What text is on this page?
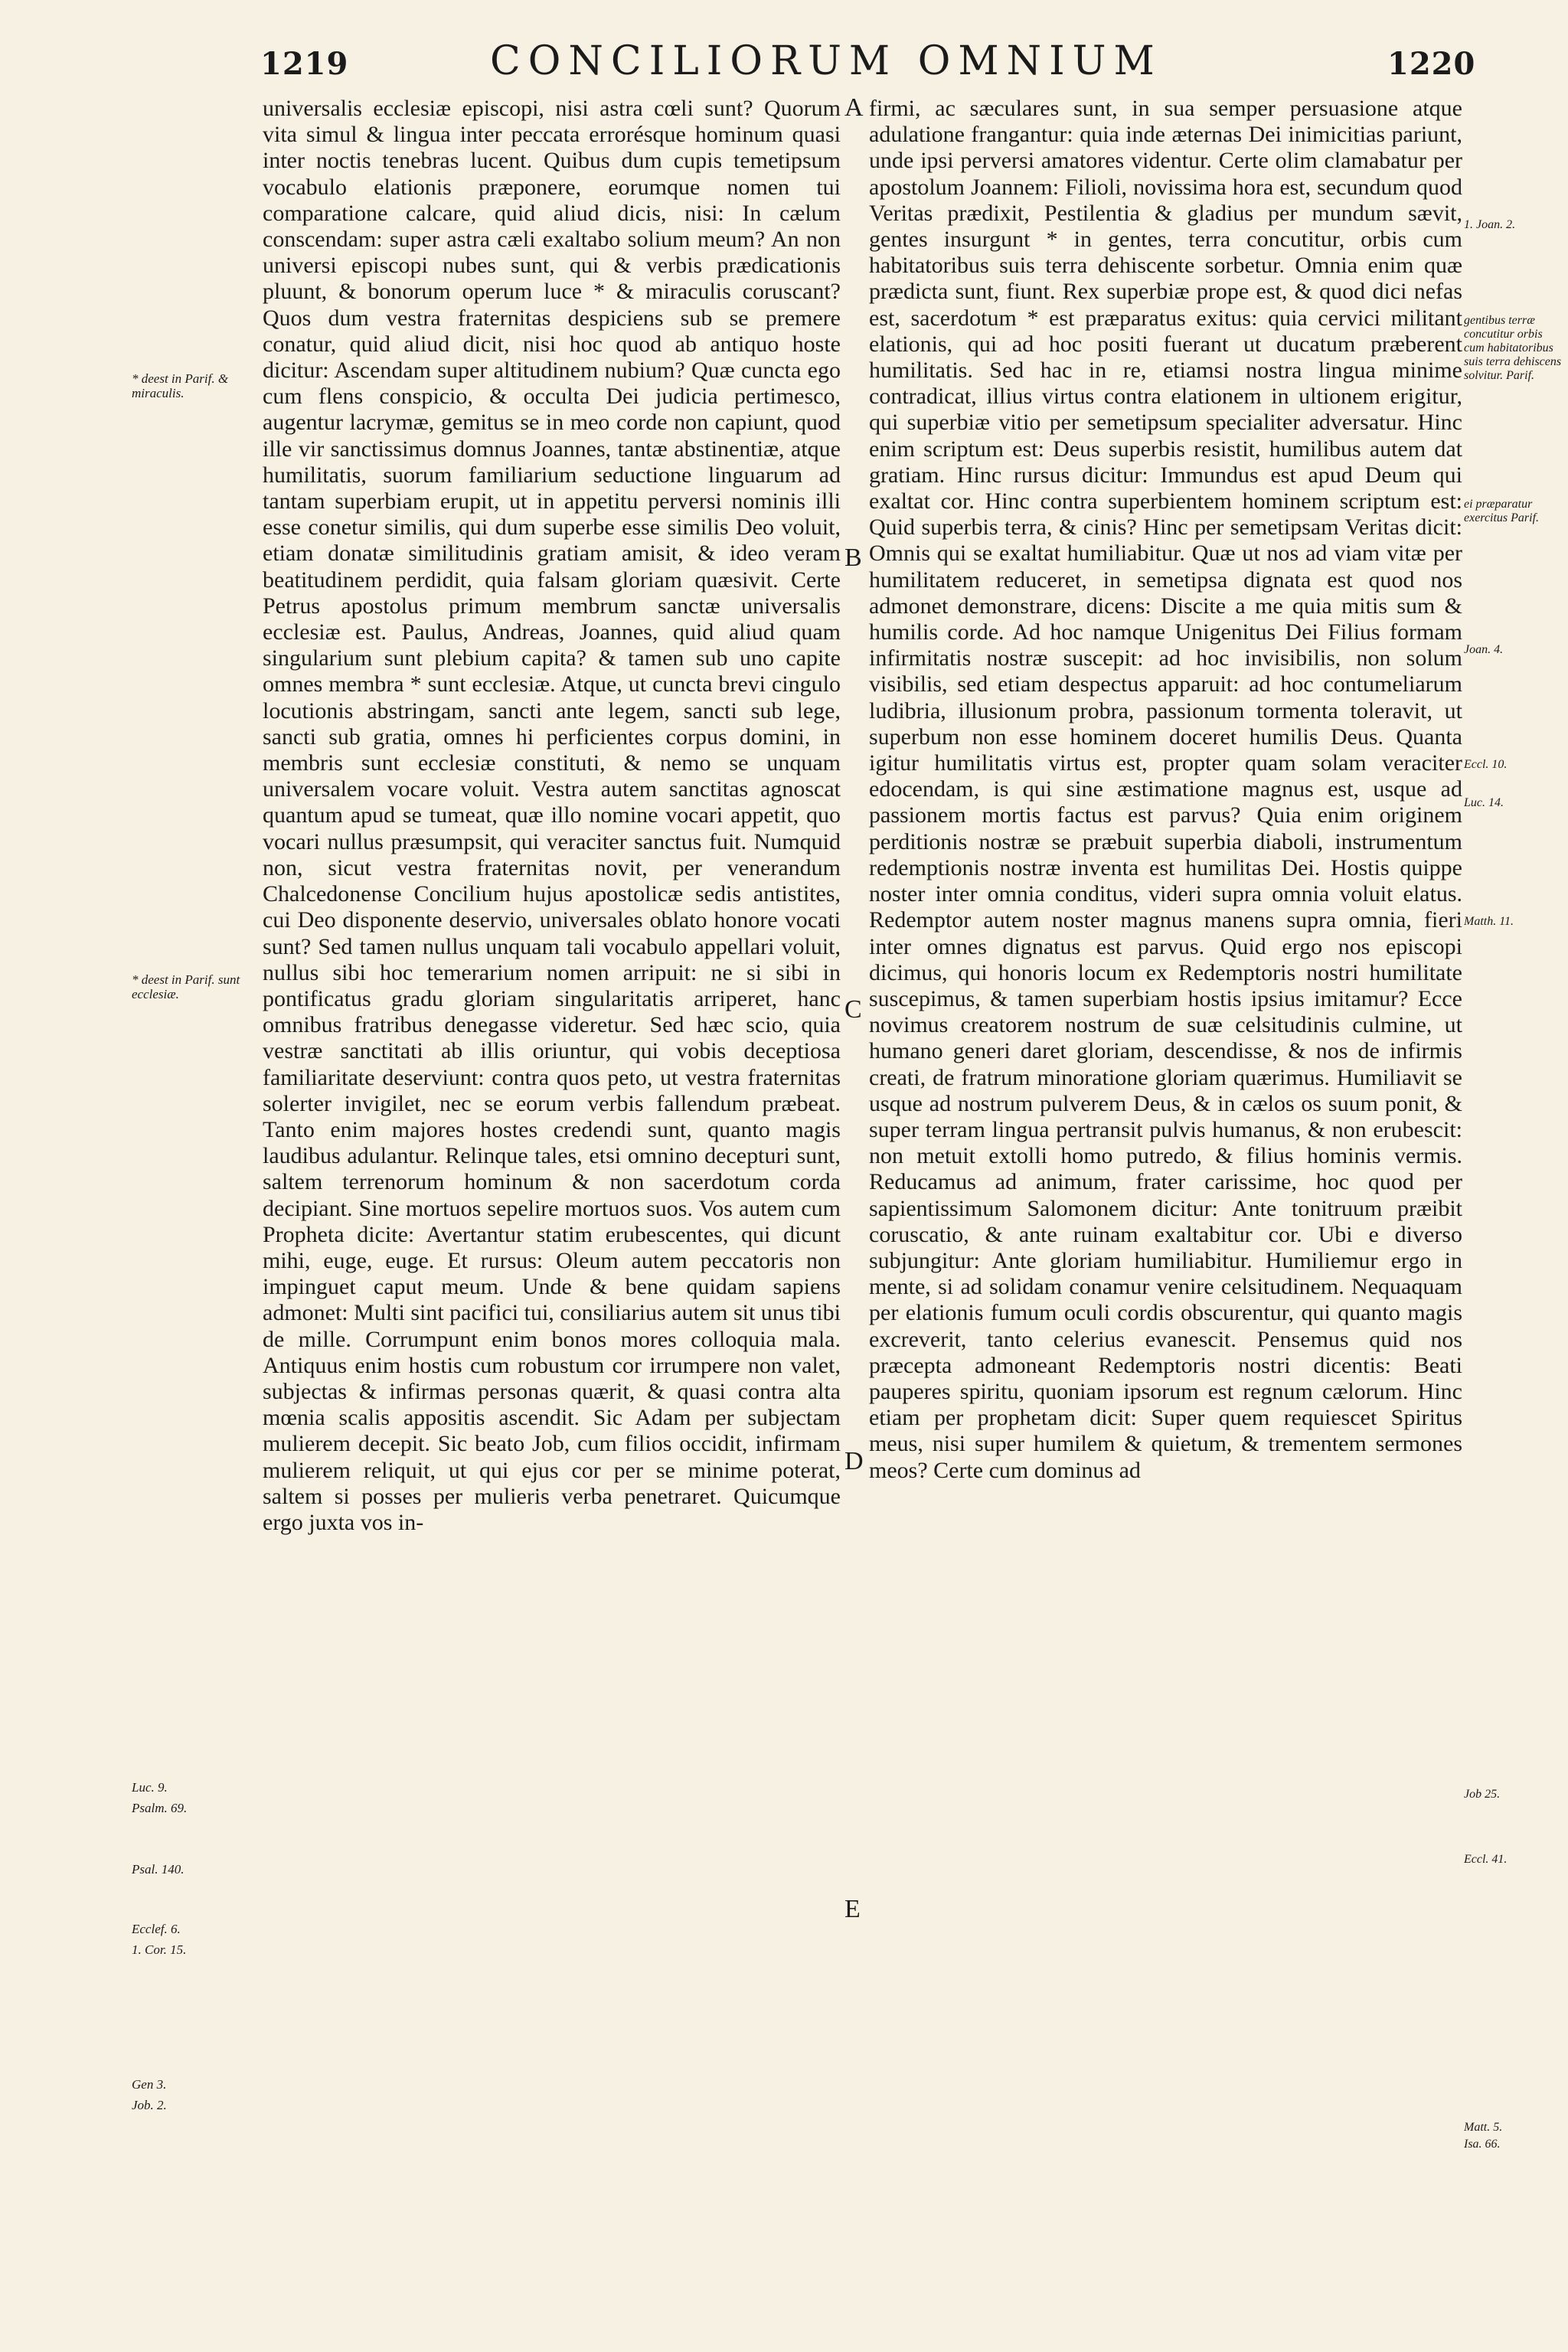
1219	CONCILIORUM OMNIUM	1220

universalis ecclesiæ episcopi, nisi astra cœli sunt? Quorum vita simul & lingua inter peccata errorésque hominum quasi inter noctis tenebras lucent. Quibus dum cupis temetipsum vocabulo elationis præponere, eorumque nomen tui comparatione calcare, quid aliud dicis, nisi: In cælum conscendam: super astra cæli exaltabo solium meum? An non universi episcopi nubes sunt, qui & verbis prædicationis pluunt, & bonorum operum luce * & miraculis coruscant? Quos dum vestra fraternitas despiciens sub se premere conatur, quid aliud dicit, nisi hoc quod ab antiquo hoste dicitur: Ascendam super altitudinem nubium? Quæ cuncta ego cum flens conspicio, & occulta Dei judicia pertimesco, augentur lacrymæ, gemitus se in meo corde non capiunt, quod ille vir sanctissimus domnus Joannes, tantæ abstinentiæ, atque humilitatis, suorum familiarium seductione linguarum ad tantam superbiam erupit, ut in appetitu perversi nominis illi esse conetur similis, qui dum superbe esse similis Deo voluit, etiam donatæ similitudinis gratiam amisit, & ideo veram beatitudinem perdidit, quia falsam gloriam quæsivit. Certe Petrus apostolus primum membrum sanctæ universalis ecclesiæ est. Paulus, Andreas, Joannes, quid aliud quam singularium sunt plebium capita? & tamen sub uno capite omnes membra * sunt ecclesiæ. Atque, ut cuncta brevi cingulo locutionis abstringam, sancti ante legem, sancti sub lege, sancti sub gratia, omnes hi perficientes corpus domini, in membris sunt ecclesiæ constituti, & nemo se unquam universalem vocare voluit. Vestra autem sanctitas agnoscat quantum apud se tumeat, quæ illo nomine vocari appetit, quo vocari nullus præsumpsit, qui veraciter sanctus fuit. Numquid non, sicut vestra fraternitas novit, per venerandum Chalcedonense Concilium hujus apostolicæ sedis antistites, cui Deo disponente deservio, universales oblato honore vocati sunt? Sed tamen nullus unquam tali vocabulo appellari voluit, nullus sibi hoc temerarium nomen arripuit: ne si sibi in pontificatus gradu gloriam singularitatis arriperet, hanc omnibus fratribus denegasse videretur. Sed hæc scio, quia vestræ sanctitati ab illis oriuntur, qui vobis deceptiosa familiaritate deserviunt: contra quos peto, ut vestra fraternitas solerter invigilet, nec se eorum verbis fallendum præbeat. Tanto enim majores hostes credendi sunt, quanto magis laudibus adulantur. Relinque tales, etsi omnino decepturi sunt, saltem terrenorum hominum & non sacerdotum corda decipiant. Sine mortuos sepelire mortuos suos. Vos autem cum Propheta dicite: Avertantur statim erubescentes, qui dicunt mihi, euge, euge. Et rursus: Oleum autem peccatoris non impinguet caput meum. Unde & bene quidam sapiens admonet: Multi sint pacifici tui, consiliarius autem sit unus tibi de mille. Corrumpunt enim bonos mores colloquia mala. Antiquus enim hostis cum robustum cor irrumpere non valet, subjectas & infirmas personas quærit, & quasi contra alta mœnia scalis appositis ascendit. Sic Adam per subjectam mulierem decepit. Sic beato Job, cum filios occidit, infirmam mulierem reliquit, ut qui ejus cor per se minime poterat, saltem si posses per mulieris verba penetraret. Quicumque ergo juxta vos in-

firmi, ac sæculares sunt, in sua semper persuasione atque adulatione frangantur: quia inde æternas Dei inimicitias pariunt, unde ipsi perversi amatores videntur. Certe olim clamabatur per apostolum Joannem: Filioli, novissima hora est, secundum quod Veritas prædixit, Pestilentia & gladius per mundum sævit, gentes insurgunt * in gentes, terra concutitur, orbis cum habitatoribus suis terra dehiscente sorbetur. Omnia enim quæ prædicta sunt, fiunt. Rex superbiæ prope est, & quod dici nefas est, sacerdotum * est præparatus exitus: quia cervici militant elationis, qui ad hoc positi fuerant ut ducatum præberent humilitatis. Sed hac in re, etiamsi nostra lingua minime contradicat, illius virtus contra elationem in ultionem erigitur, qui superbiæ vitio per semetipsum specialiter adversatur. Hinc enim scriptum est: Deus superbis resistit, humilibus autem dat gratiam. Hinc rursus dicitur: Immundus est apud Deum qui exaltat cor. Hinc contra superbientem hominem scriptum est: Quid superbis terra, & cinis? Hinc per semetipsam Veritas dicit: Omnis qui se exaltat humiliabitur. Quæ ut nos ad viam vitæ per humilitatem reduceret, in semetipsa dignata est quod nos admonet demonstrare, dicens: Discite a me quia mitis sum & humilis corde. Ad hoc namque Unigenitus Dei Filius formam infirmitatis nostræ suscepit: ad hoc invisibilis, non solum visibilis, sed etiam despectus apparuit: ad hoc contumeliarum ludibria, illusionum probra, passionum tormenta toleravit, ut superbum non esse hominem doceret humilis Deus. Quanta igitur humilitatis virtus est, propter quam solam veraciter edocendam, is qui sine æstimatione magnus est, usque ad passionem mortis factus est parvus? Quia enim originem perditionis nostræ se præbuit superbia diaboli, instrumentum redemptionis nostræ inventa est humilitas Dei. Hostis quippe noster inter omnia conditus, videri supra omnia voluit elatus. Redemptor autem noster magnus manens supra omnia, fieri inter omnes dignatus est parvus. Quid ergo nos episcopi dicimus, qui honoris locum ex Redemptoris nostri humilitate suscepimus, & tamen superbiam hostis ipsius imitamur? Ecce novimus creatorem nostrum de suæ celsitudinis culmine, ut humano generi daret gloriam, descendisse, & nos de infirmis creati, de fratrum minoratione gloriam quærimus. Humiliavit se usque ad nostrum pulverem Deus, & in cælos os suum ponit, & super terram lingua pertransit pulvis humanus, & non erubescit: non metuit extolli homo putredo, & filius hominis vermis. Reducamus ad animum, frater carissime, hoc quod per sapientissimum Salomonem dicitur: Ante tonitruum præibit coruscatio, & ante ruinam exaltabitur cor. Ubi e diverso subjungitur: Ante gloriam humiliabitur. Humiliemur ergo in mente, si ad solidam conamur venire celsitudinem. Nequaquam per elationis fumum oculi cordis obscurentur, qui quanto magis excreverit, tanto celerius evanescit. Pensemus quid nos præcepta admoneant Redemptoris nostri dicentis: Beati pauperes spiritu, quoniam ipsorum est regnum cælorum. Hinc etiam per prophetam dicit: Super quem requiescet Spiritus meus, nisi super humilem & quietum, & trementem sermones meos? Certe cum dominus ad

* deest in Parif. & miraculis.
* deest in Parif. sunt ecclesiæ.
Luc. 9.
Psalm. 69.
Psal. 140.
Ecclef. 6.
1. Cor. 15.
Gen 3.
Job. 2.
1. Joan. 2.
gentibus terræ concutitur orbis cum habitatoribus suis terra dehiscens solvitur. Parif.
ei præparatur exercitus Parif.
Joan. 4.
Eccl. 10.
Luc. 14.
Matth. 11.
Job 25.
Eccl. 41.
Matt. 5.
Isa. 66.
A
B
C
D
E
